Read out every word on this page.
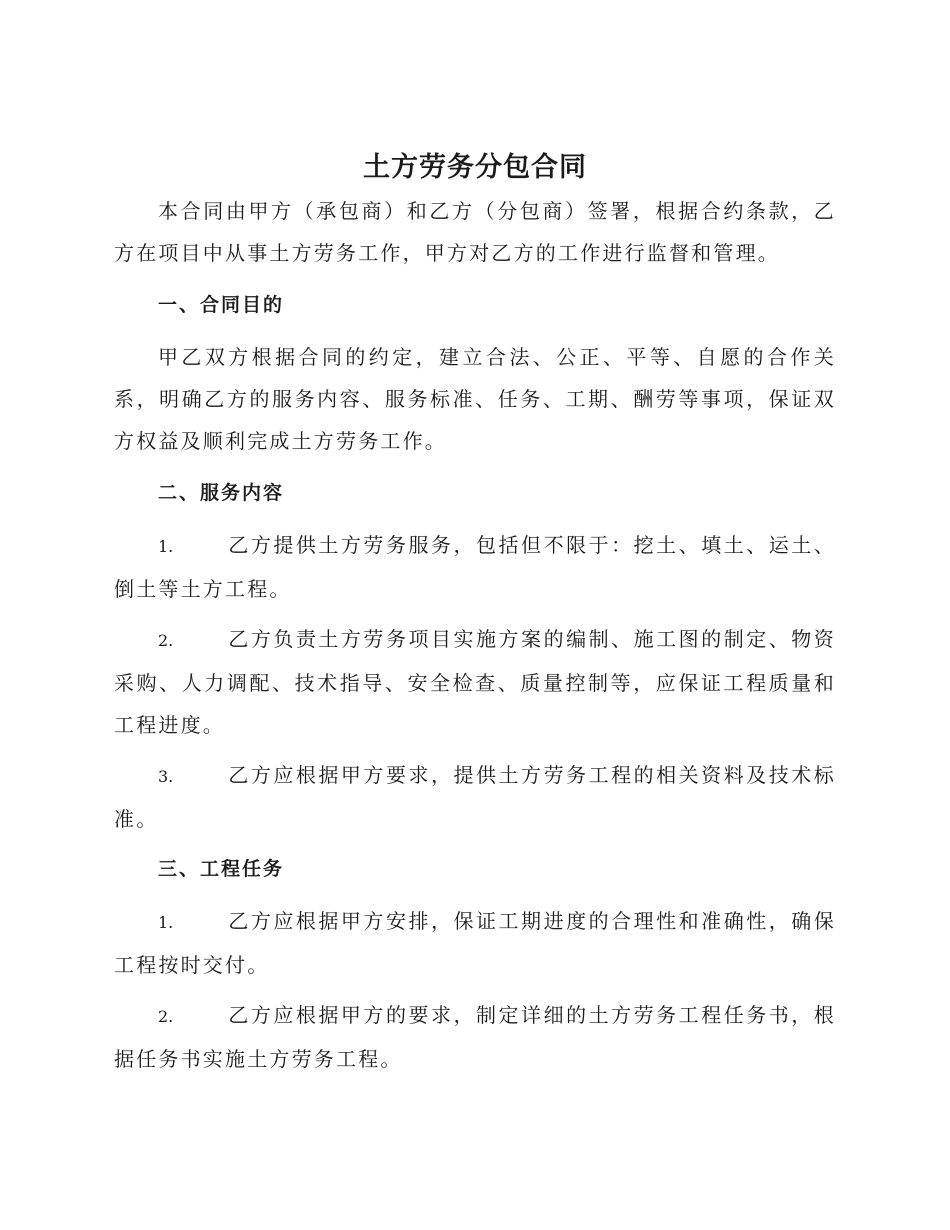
土方劳务分包合同
本合同由甲方（承包商）和乙方（分包商）签署，根据合约条款，乙方在项目中从事土方劳务工作，甲方对乙方的工作进行监督和管理。
一、合同目的
甲乙双方根据合同的约定，建立合法、公正、平等、自愿的合作关系，明确乙方的服务内容、服务标准、任务、工期、酬劳等事项，保证双方权益及顺利完成土方劳务工作。
二、服务内容
1.	乙方提供土方劳务服务，包括但不限于：挖土、填土、运土、倒土等土方工程。
2.	乙方负责土方劳务项目实施方案的编制、施工图的制定、物资采购、人力调配、技术指导、安全检查、质量控制等，应保证工程质量和工程进度。
3.	乙方应根据甲方要求，提供土方劳务工程的相关资料及技术标准。
三、工程任务
1.	乙方应根据甲方安排，保证工期进度的合理性和准确性，确保工程按时交付。
2.	乙方应根据甲方的要求，制定详细的土方劳务工程任务书，根据任务书实施土方劳务工程。
